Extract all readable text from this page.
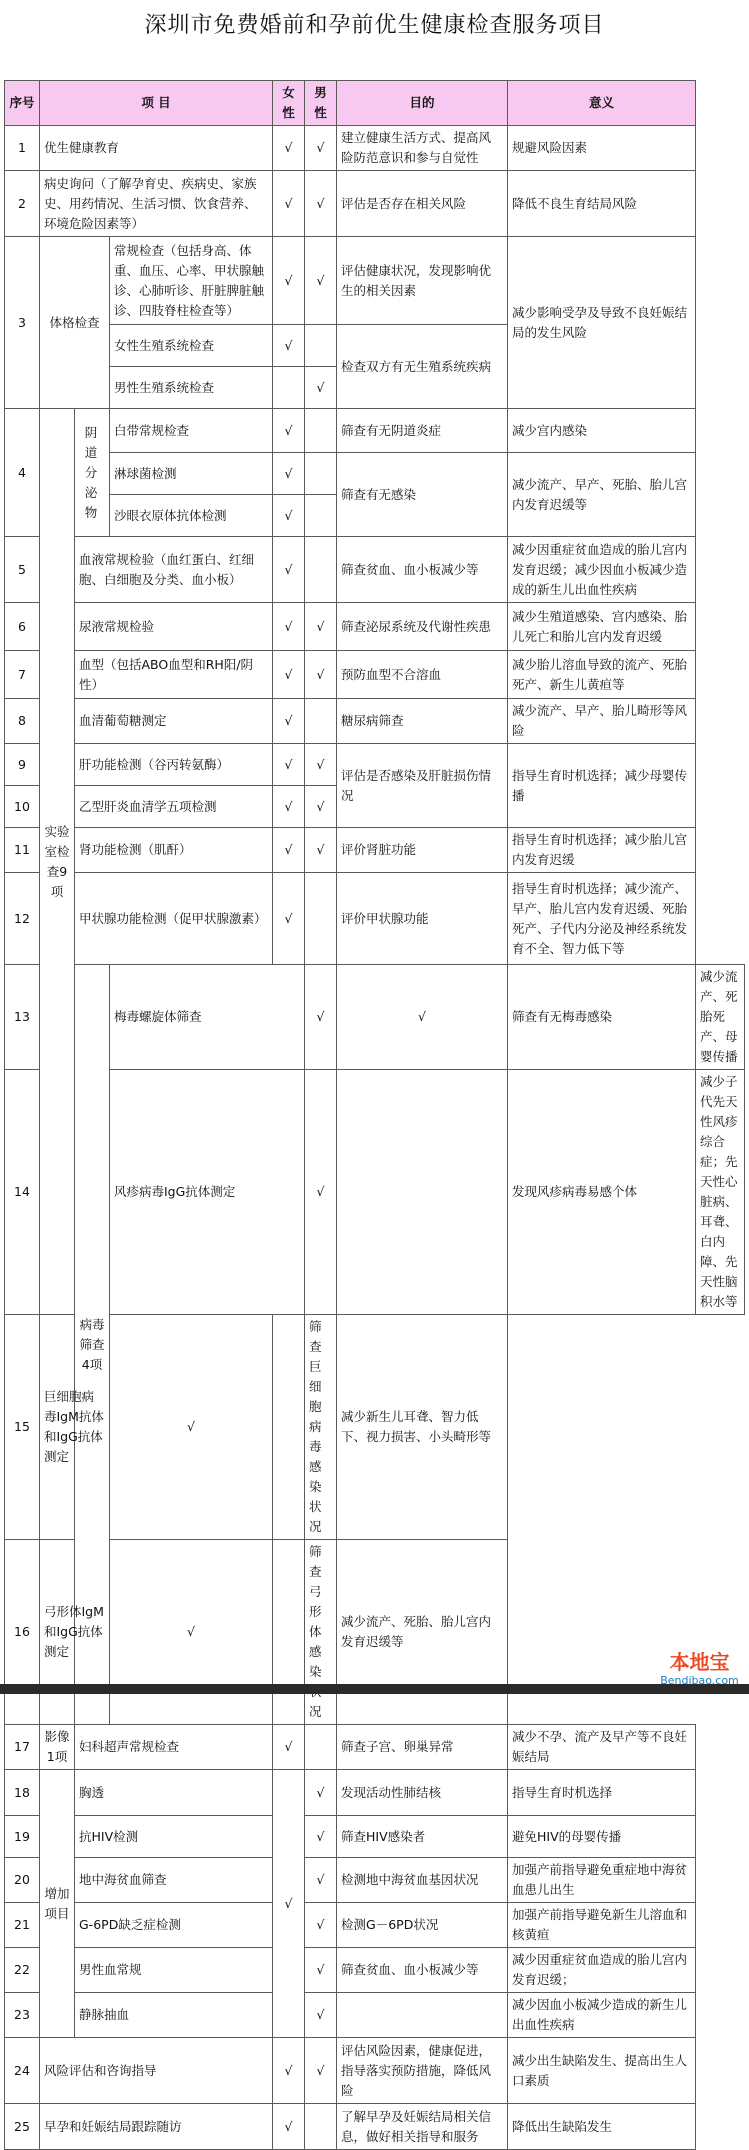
深圳市免费婚前和孕前优生健康检查服务项目
序号	项 目			女性	男性	目的	意义	
1	优生健康教育			√	√	建立健康生活方式、提高风险防范意识和参与自觉性	规避风险因素	
2	病史询问（了解孕育史、疾病史、家族史、用药情况、生活习惯、饮食营养、环境危险因素等）			√	√	评估是否存在相关风险	降低不良生育结局风险	
3	体格检查		常规检查（包括身高、体重、血压、心率、甲状腺触诊、心肺听诊、肝脏脾脏触诊、四肢脊柱检查等）	√	√	评估健康状况，发现影响优生的相关因素	减少影响受孕及导致不良妊娠结局的发生风险	
			女性生殖系统检查	√		检查双方有无生殖系统疾病		
			男性生殖系统检查		√			
4	实验室检查9项	阴道分泌物	白带常规检查	√		筛查有无阴道炎症	减少宫内感染	
			淋球菌检测	√		筛查有无感染	减少流产、早产、死胎、胎儿宫内发育迟缓等	
			沙眼衣原体抗体检测	√				
5		血液常规检验（血红蛋白、红细胞、白细胞及分类、血小板）		√		筛查贫血、血小板减少等	减少因重症贫血造成的胎儿宫内发育迟缓；减少因血小板减少造成的新生儿出血性疾病	
6		尿液常规检验		√	√	筛查泌尿系统及代谢性疾患	减少生殖道感染、宫内感染、胎儿死亡和胎儿宫内发育迟缓	
7		血型（包括ABO血型和RH阳/阴性）		√	√	预防血型不合溶血	减少胎儿溶血导致的流产、死胎死产、新生儿黄疸等	
8		血清葡萄糖测定		√		糖尿病筛查	减少流产、早产、胎儿畸形等风险	
9		肝功能检测（谷丙转氨酶）		√	√	评估是否感染及肝脏损伤情况	指导生育时机选择；减少母婴传播	
10		乙型肝炎血清学五项检测		√	√			
11		肾功能检测（肌酐）		√	√	评价肾脏功能	指导生育时机选择；减少胎儿宫内发育迟缓	
12		甲状腺功能检测（促甲状腺激素）		√		评价甲状腺功能	指导生育时机选择；减少流产、早产、胎儿宫内发育迟缓、死胎死产、子代内分泌及神经系统发育不全、智力低下等	
13		病毒筛查4项	梅毒螺旋体筛查		√	√	筛查有无梅毒感染	减少流产、死胎死产、母婴传播
14			风疹病毒IgG抗体测定		√		发现风疹病毒易感个体	减少子代先天性风疹综合症；先天性心脏病、耳聋、白内障、先天性脑积水等
15	巨细胞病毒IgM抗体和IgG抗体测定		√		筛查巨细胞病毒感染状况	减少新生儿耳聋、智力低下、视力损害、小头畸形等		
16	弓形体IgM和IgG抗体测定		√		筛查弓形体感染 况	减少流产、死胎、胎儿宫内发育迟缓等		
17	影像1项	妇科超声常规检查		√		筛查子宫、卵巢异常	减少不孕、流产及早产等不良妊娠结局	
18	增加项目	胸透		√	√	发现活动性肺结核	指导生育时机选择	
19		抗HIV检测			√	筛查HIV感染者	避免HIV的母婴传播	
20		地中海贫血筛查			√	检测地中海贫血基因状况	加强产前指导避免重症地中海贫血患儿出生	
21		G-6PD缺乏症检测			√	检测G－6PD状况	加强产前指导避免新生儿溶血和核黄疸	
22		男性血常规			√	筛查贫血、血小板减少等	减少因重症贫血造成的胎儿宫内发育迟缓；	
23		静脉抽血			√		减少因血小板减少造成的新生儿出血性疾病	
24	风险评估和咨询指导			√	√	评估风险因素，健康促进，指导落实预防措施，降低风险	减少出生缺陷发生、提高出生人口素质	
25	早孕和妊娠结局跟踪随访			√		了解早孕及妊娠结局相关信息，做好相关指导和服务	降低出生缺陷发生	
本地宝
Bendibao.com
